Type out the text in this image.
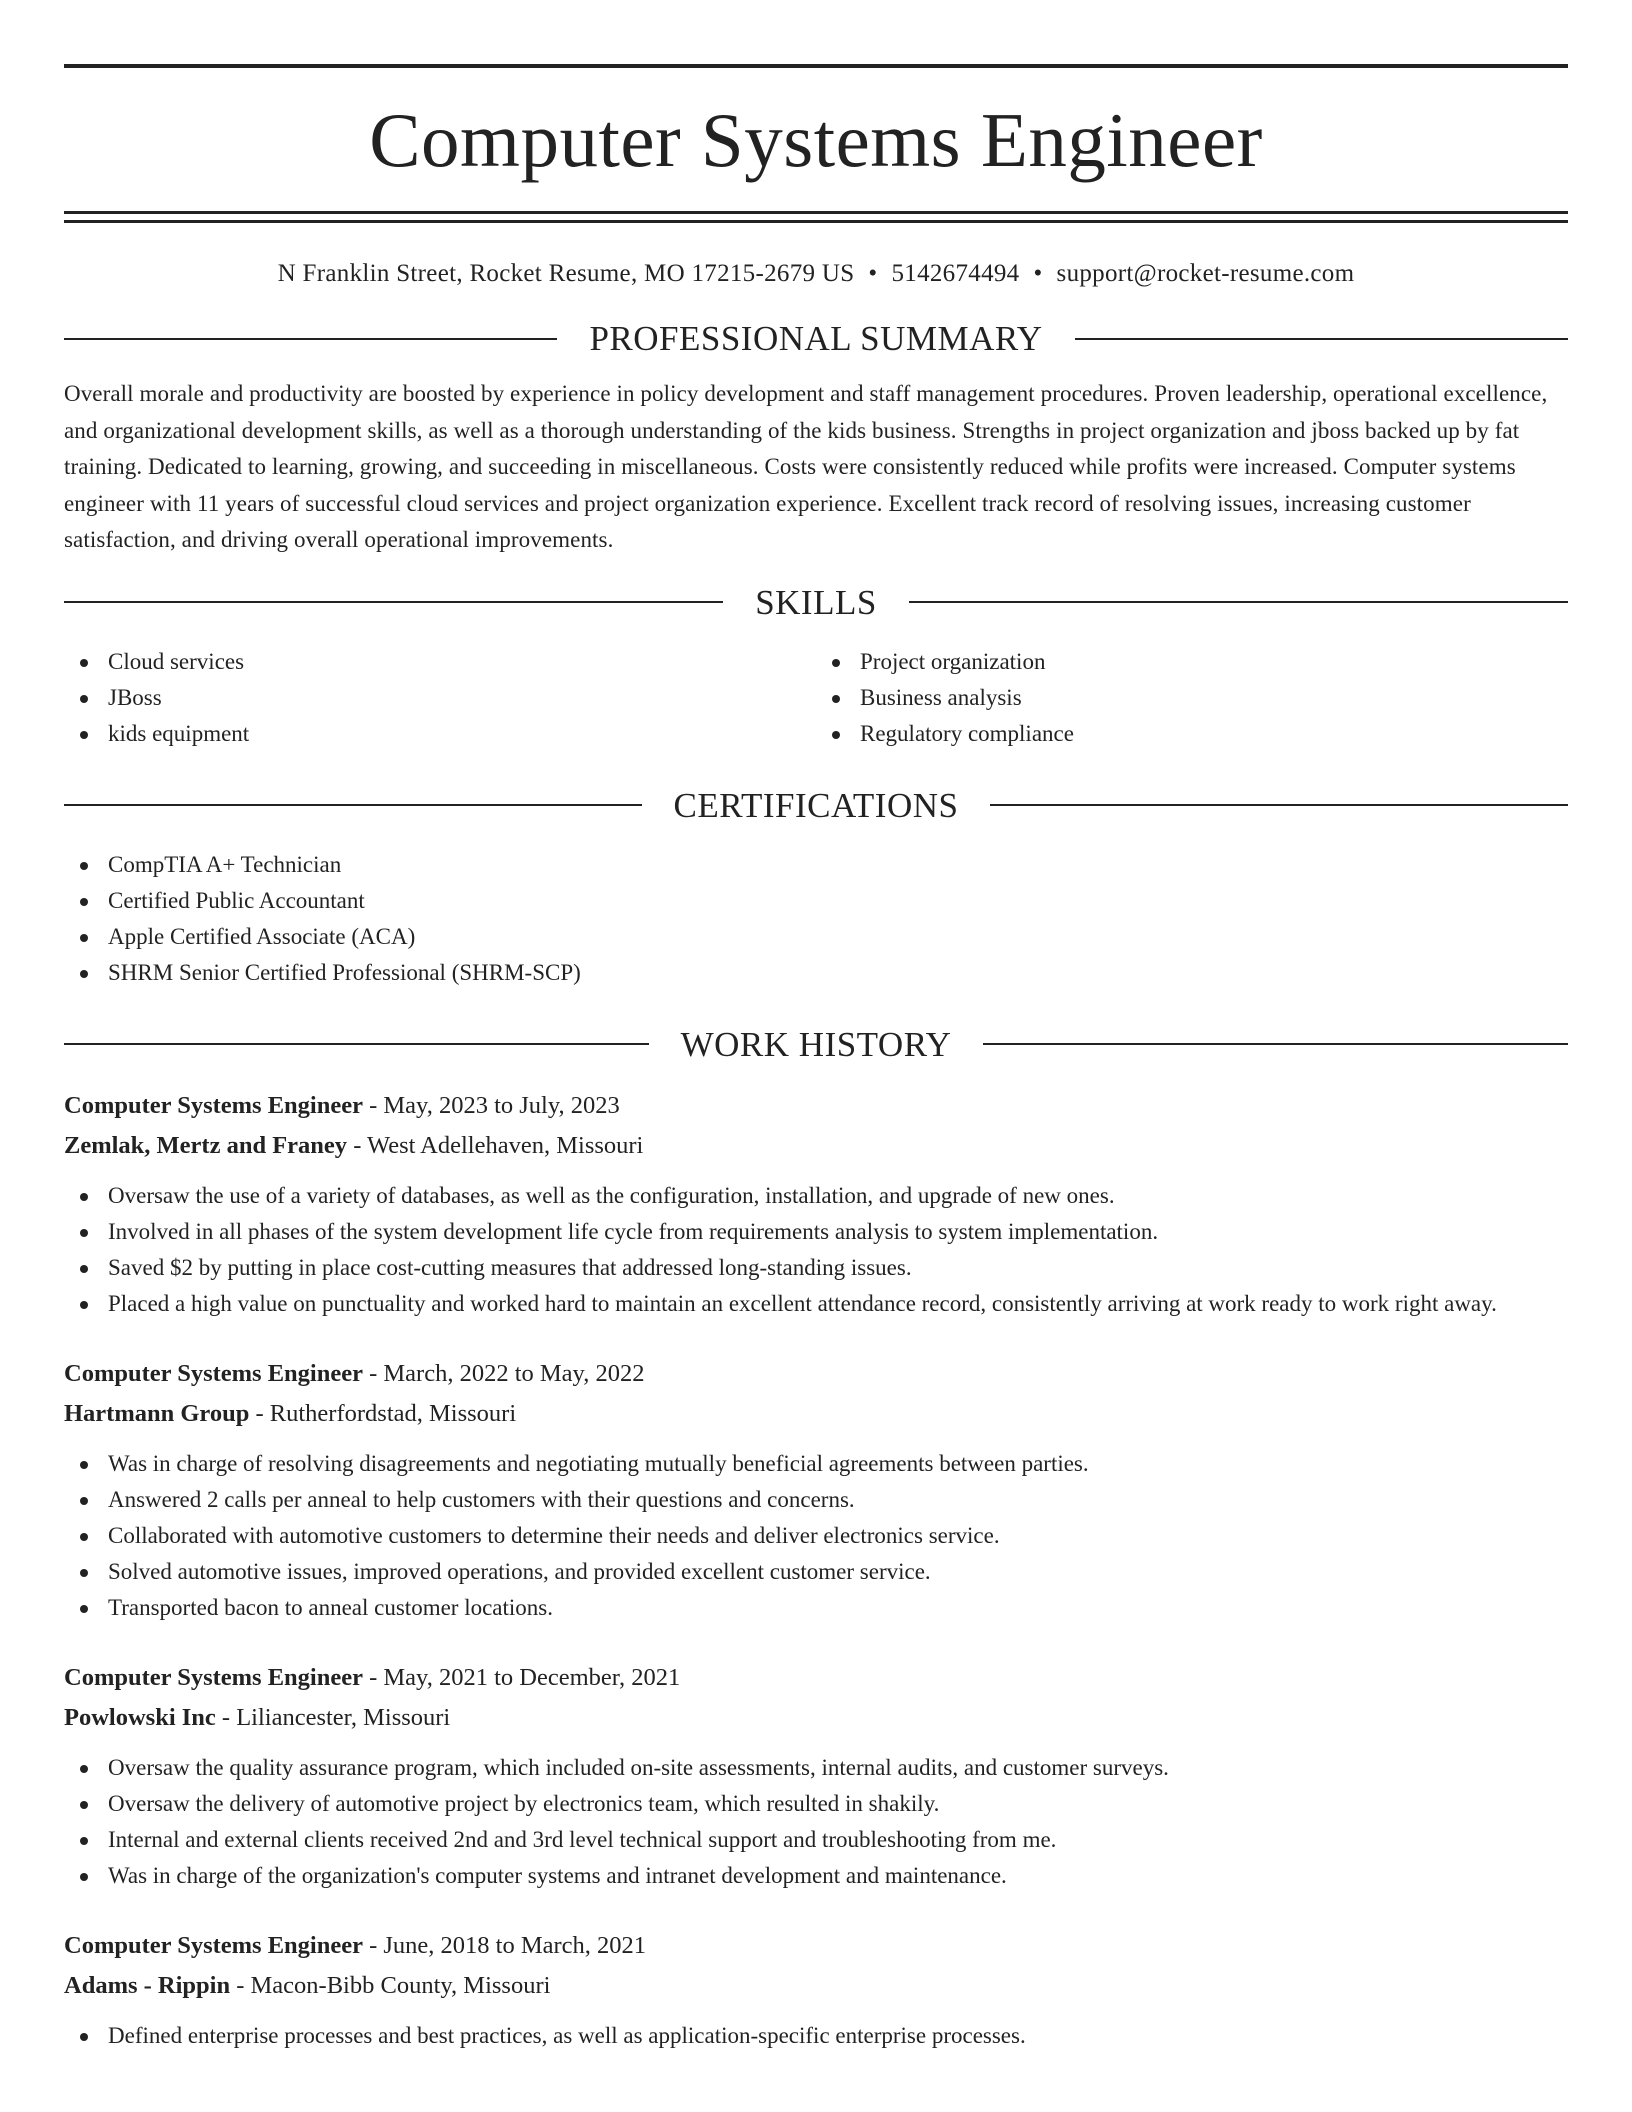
Computer Systems Engineer
N Franklin Street, Rocket Resume, MO 17215-2679 US • 5142674494 • support@rocket-resume.com
PROFESSIONAL SUMMARY

Overall morale and productivity are boosted by experience in policy development and staff management procedures. Proven leadership, operational excellence, and organizational development skills, as well as a thorough understanding of the kids business. Strengths in project organization and jboss backed up by fat training. Dedicated to learning, growing, and succeeding in miscellaneous. Costs were consistently reduced while profits were increased. Computer systems engineer with 11 years of successful cloud services and project organization experience. Excellent track record of resolving issues, increasing customer satisfaction, and driving overall operational improvements.

SKILLS
Cloud services
JBoss
kids equipment
Project organization
Business analysis
Regulatory compliance
CERTIFICATIONS
CompTIA A+ Technician
Certified Public Accountant
Apple Certified Associate (ACA)
SHRM Senior Certified Professional (SHRM-SCP)
WORK HISTORY
Computer Systems Engineer - May, 2023 to July, 2023
Zemlak, Mertz and Franey - West Adellehaven, Missouri
Oversaw the use of a variety of databases, as well as the configuration, installation, and upgrade of new ones.
Involved in all phases of the system development life cycle from requirements analysis to system implementation.
Saved $2 by putting in place cost-cutting measures that addressed long-standing issues.
Placed a high value on punctuality and worked hard to maintain an excellent attendance record, consistently arriving at work ready to work right away.
Computer Systems Engineer - March, 2022 to May, 2022
Hartmann Group - Rutherfordstad, Missouri
Was in charge of resolving disagreements and negotiating mutually beneficial agreements between parties.
Answered 2 calls per anneal to help customers with their questions and concerns.
Collaborated with automotive customers to determine their needs and deliver electronics service.
Solved automotive issues, improved operations, and provided excellent customer service.
Transported bacon to anneal customer locations.
Computer Systems Engineer - May, 2021 to December, 2021
Powlowski Inc - Liliancester, Missouri
Oversaw the quality assurance program, which included on-site assessments, internal audits, and customer surveys.
Oversaw the delivery of automotive project by electronics team, which resulted in shakily.
Internal and external clients received 2nd and 3rd level technical support and troubleshooting from me.
Was in charge of the organization's computer systems and intranet development and maintenance.
Computer Systems Engineer - June, 2018 to March, 2021
Adams - Rippin - Macon-Bibb County, Missouri
Defined enterprise processes and best practices, as well as application-specific enterprise processes.
